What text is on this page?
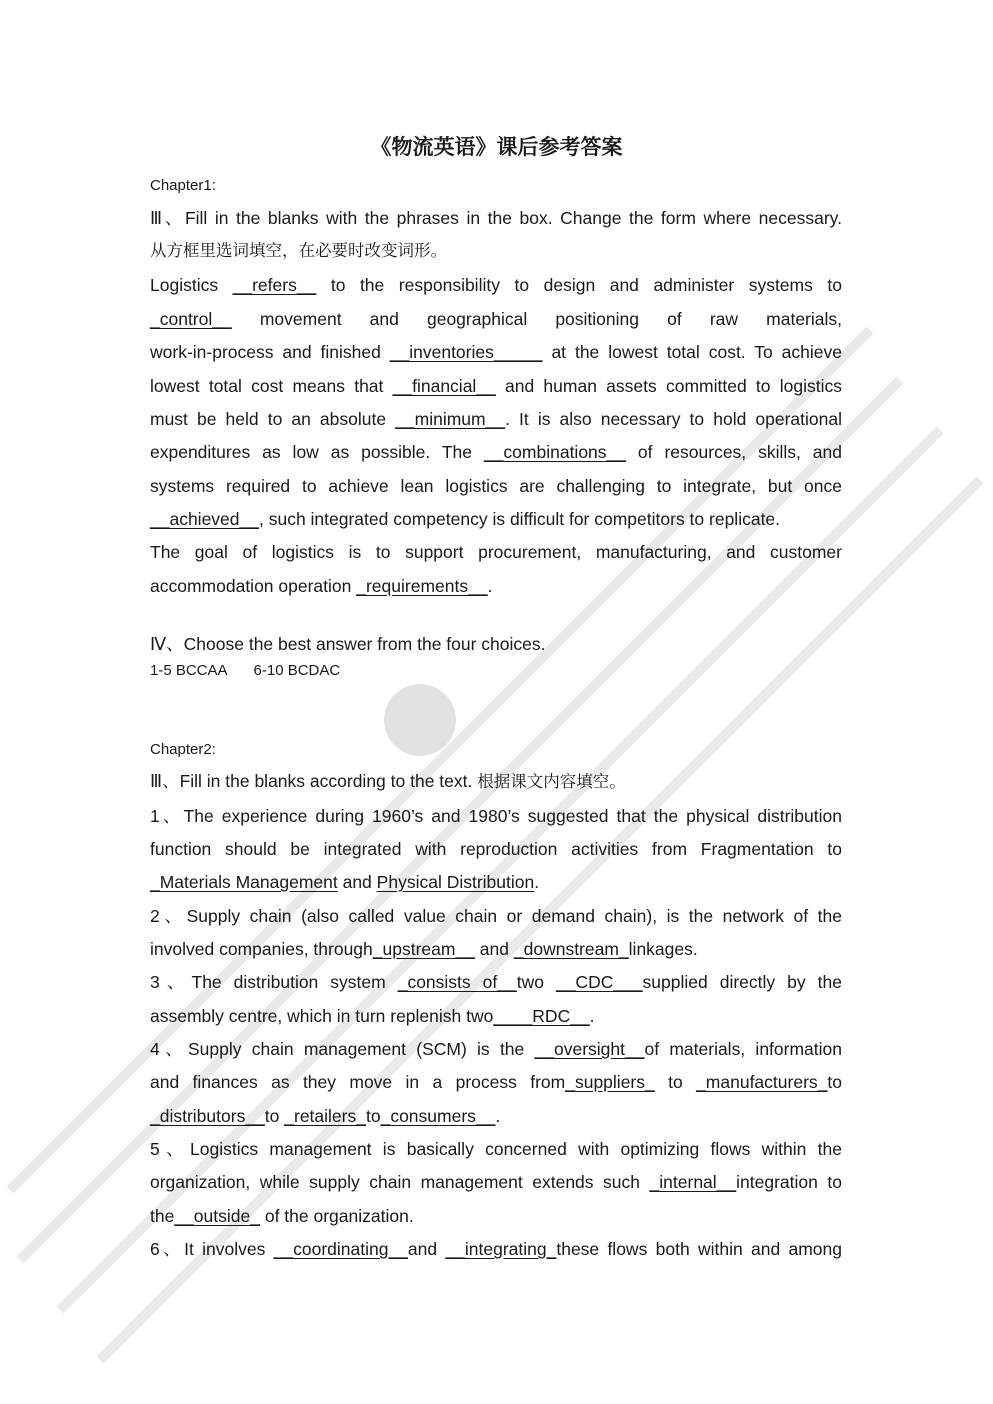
《物流英语》课后参考答案
Chapter1:
Ⅲ、Fill in the blanks with the phrases in the box. Change the form where necessary.
从方框里选词填空，在必要时改变词形。
Logistics __refers__ to the responsibility to design and administer systems to
_control__ movement and geographical positioning of raw materials,
work-in-process and finished __inventories_____ at the lowest total cost. To achieve
lowest total cost means that __financial__ and human assets committed to logistics
must be held to an absolute __minimum__. It is also necessary to hold operational
expenditures as low as possible. The __combinations__ of resources, skills, and
systems required to achieve lean logistics are challenging to integrate, but once
__achieved__, such integrated competency is difficult for competitors to replicate.
The goal of logistics is to support procurement, manufacturing, and customer
accommodation operation _requirements__.
Ⅳ、Choose the best answer from the four choices.
1-5 BCCAA 6-10 BCDAC
Chapter2:
Ⅲ、Fill in the blanks according to the text. 根据课文内容填空。
1、The experience during 1960’s and 1980’s suggested that the physical distribution
function should be integrated with reproduction activities from Fragmentation to
_Materials Management and Physical Distribution.
2、Supply chain (also called value chain or demand chain), is the network of the
involved companies, through_upstream__ and _downstream_linkages.
3、The distribution system _consists of__two __CDC___supplied directly by the
assembly centre, which in turn replenish two____RDC__.
4、Supply chain management (SCM) is the __oversight__of materials, information
and finances as they move in a process from_suppliers_ to _manufacturers_to
_distributors__to _retailers_to_consumers__.
5、Logistics management is basically concerned with optimizing flows within the
organization, while supply chain management extends such _internal__integration to
the__outside_ of the organization.
6、It involves __coordinating__and __integrating_these flows both within and among
